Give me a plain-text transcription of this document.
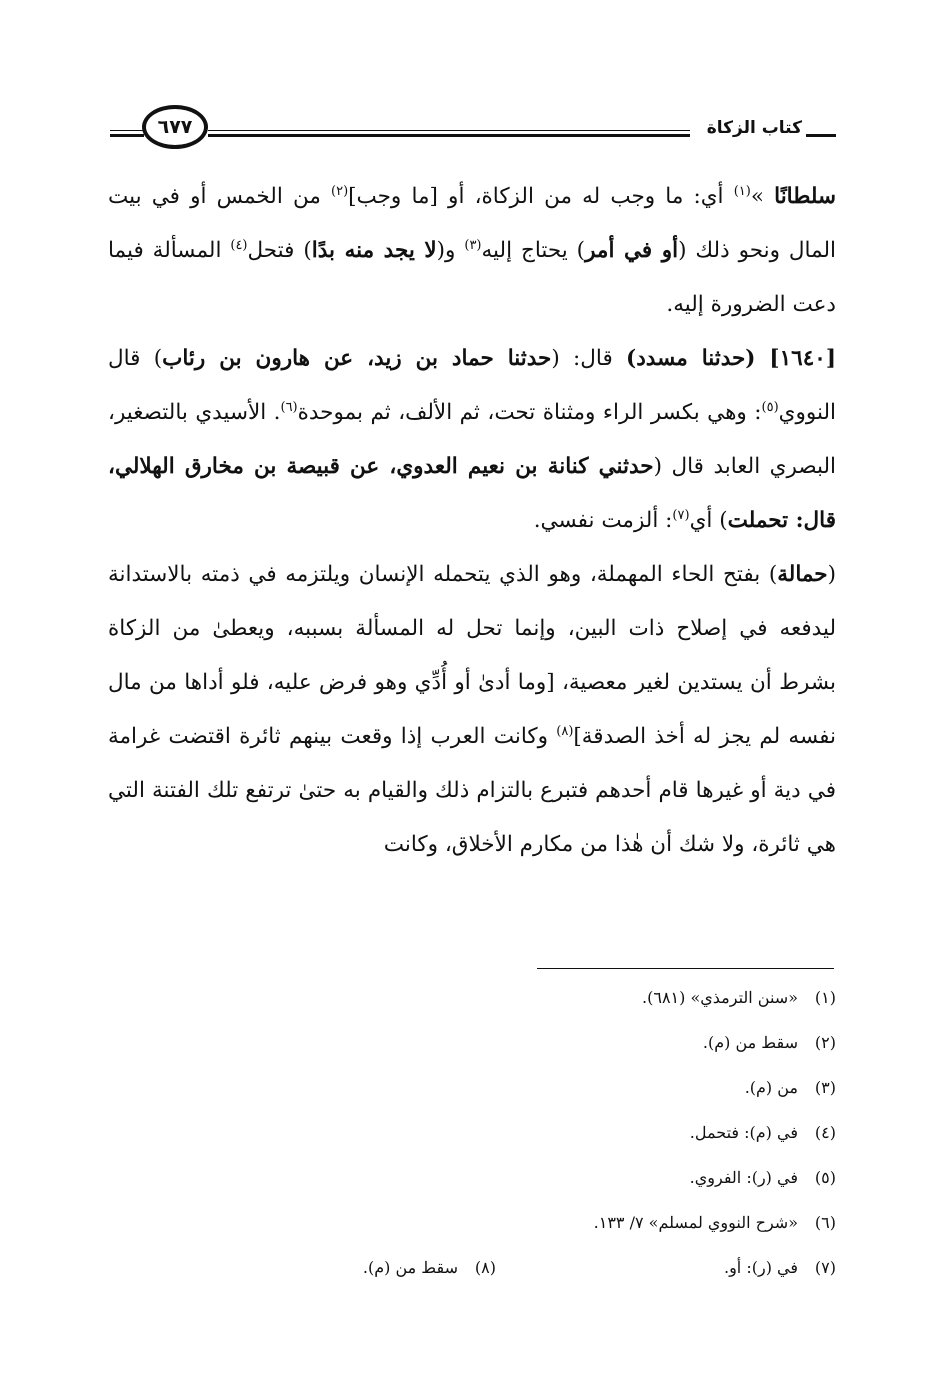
كتاب الزكاة
٦٧٧

سلطانًا »$^{(١)}$ أي: ما وجب له من الزكاة، أو [ما وجب]$^{(٢)}$ من الخمس أو في بيت المال ونحو ذلك (أو في أمر) يحتاج إليه$^{(٣)}$ و(لا يجد منه بدًا) فتحل$^{(٤)}$ المسألة فيما دعت الضرورة إليه.

[١٦٤٠] (حدثنا مسدد) قال: (حدثنا حماد بن زيد، عن هارون بن رئاب) قال النووي$^{(٥)}$: وهي بكسر الراء ومثناة تحت، ثم الألف، ثم بموحدة$^{(٦)}$. الأسيدي بالتصغير، البصري العابد قال (حدثني كنانة بن نعيم العدوي، عن قبيصة بن مخارق الهلالي، قال: تحملت) أي$^{(٧)}$: ألزمت نفسي.

(حمالة) بفتح الحاء المهملة، وهو الذي يتحمله الإنسان ويلتزمه في ذمته بالاستدانة ليدفعه في إصلاح ذات البين، وإنما تحل له المسألة بسببه، ويعطىٰ من الزكاة بشرط أن يستدين لغير معصية، [وما أدىٰ أو أُدِّي وهو فرض عليه، فلو أداها من مال نفسه لم يجز له أخذ الصدقة]$^{(٨)}$ وكانت العرب إذا وقعت بينهم ثائرة اقتضت غرامة في دية أو غيرها قام أحدهم فتبرع بالتزام ذلك والقيام به حتىٰ ترتفع تلك الفتنة التي هي ثائرة، ولا شك أن هٰذا من مكارم الأخلاق، وكانت

(١)«سنن الترمذي» (٦٨١).
(٢)سقط من (م).
(٣)من (م).
(٤)في (م): فتحمل.
(٥)في (ر): الفروي.
(٦)«شرح النووي لمسلم» ٧/ ١٣٣.
(٧)في (ر): أو.
(٨)سقط من (م).
